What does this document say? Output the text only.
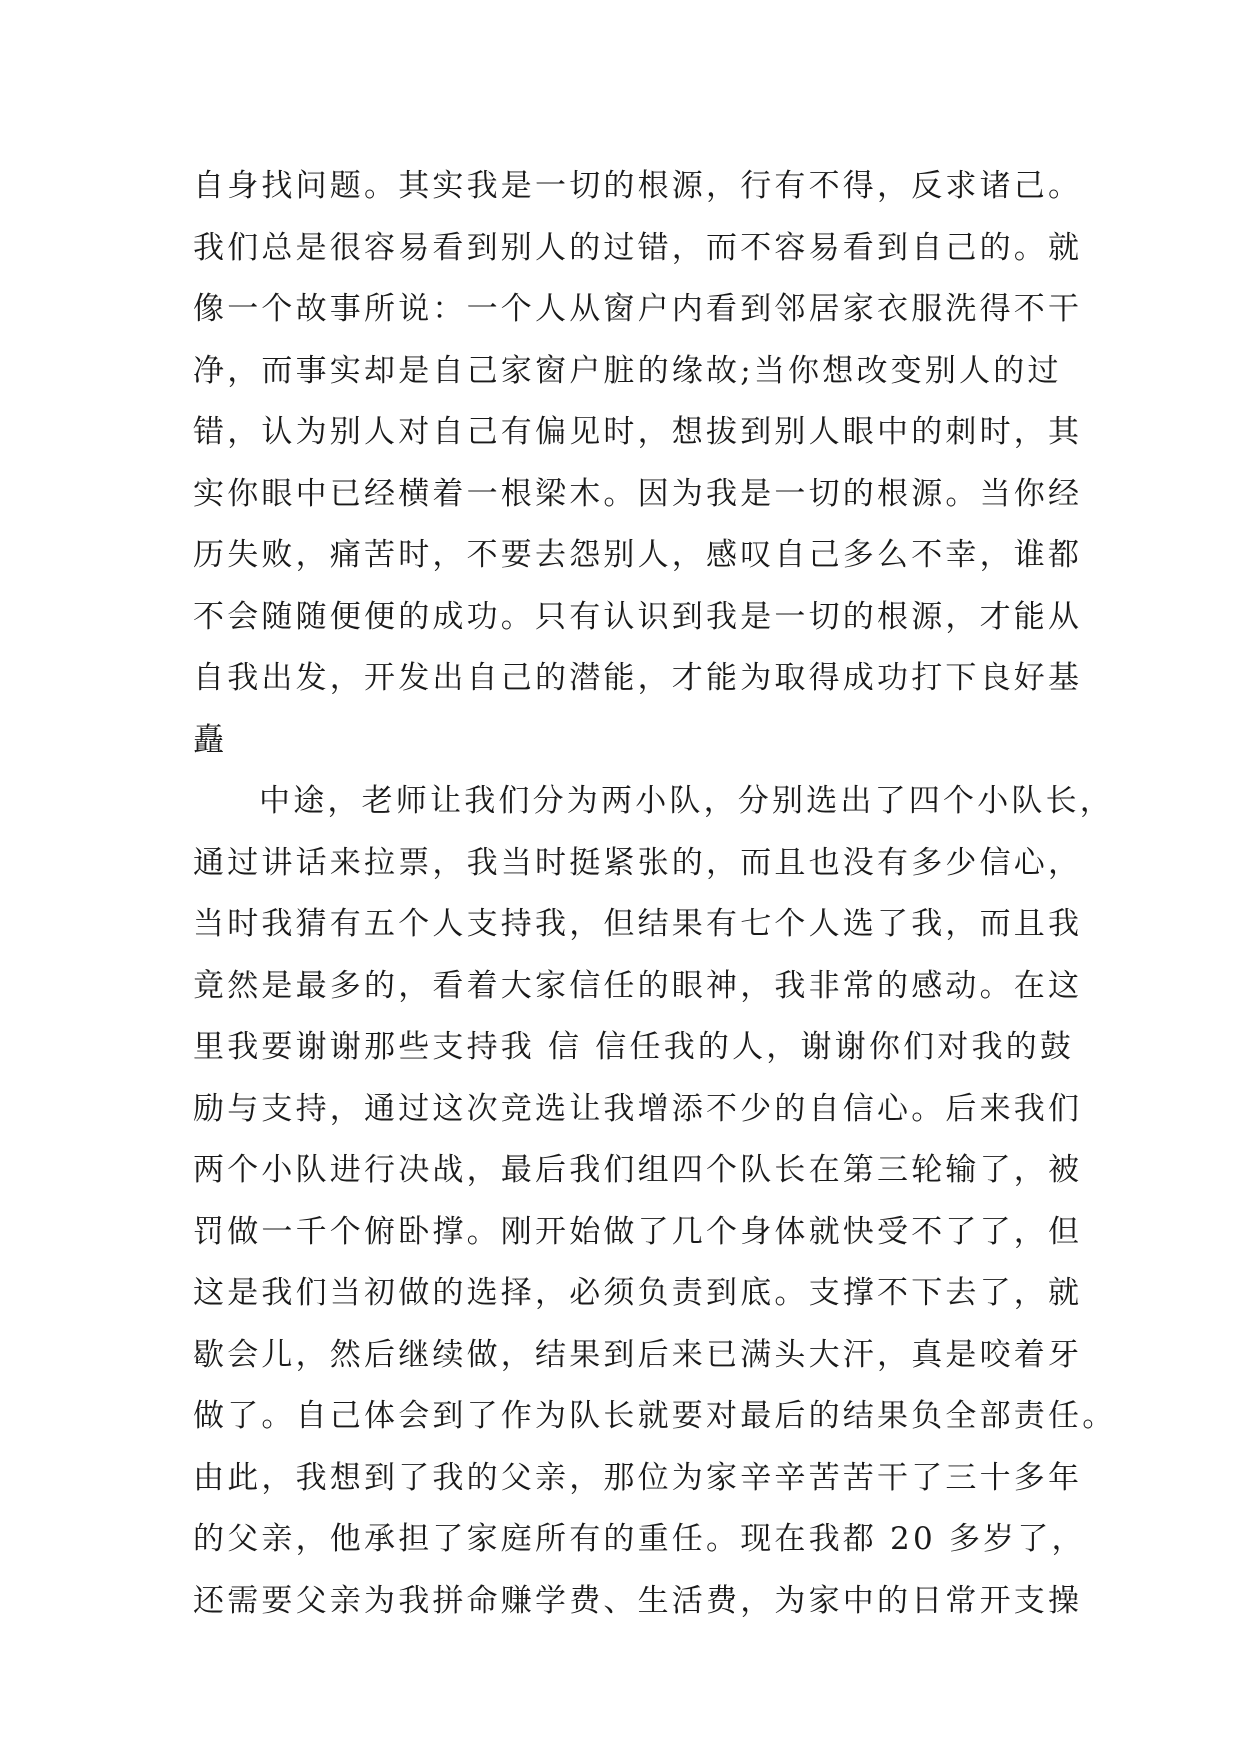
自身找问题。其实我是一切的根源，行有不得，反求诸己。
我们总是很容易看到别人的过错，而不容易看到自己的。就
像一个故事所说：一个人从窗户内看到邻居家衣服洗得不干
净，而事实却是自己家窗户脏的缘故;当你想改变别人的过
错，认为别人对自己有偏见时，想拔到别人眼中的刺时，其
实你眼中已经横着一根梁木。因为我是一切的根源。当你经
历失败，痛苦时，不要去怨别人，感叹自己多么不幸，谁都
不会随随便便的成功。只有认识到我是一切的根源，才能从
自我出发，开发出自己的潜能，才能为取得成功打下良好基
矗
中途，老师让我们分为两小队，分别选出了四个小队长，
通过讲话来拉票，我当时挺紧张的，而且也没有多少信心，
当时我猜有五个人支持我，但结果有七个人选了我，而且我
竟然是最多的，看着大家信任的眼神，我非常的感动。在这
里我要谢谢那些支持我 信 信任我的人，谢谢你们对我的鼓
励与支持，通过这次竞选让我增添不少的自信心。后来我们
两个小队进行决战，最后我们组四个队长在第三轮输了，被
罚做一千个俯卧撑。刚开始做了几个身体就快受不了了，但
这是我们当初做的选择，必须负责到底。支撑不下去了，就
歇会儿，然后继续做，结果到后来已满头大汗，真是咬着牙
做了。自己体会到了作为队长就要对最后的结果负全部责任。
由此，我想到了我的父亲，那位为家辛辛苦苦干了三十多年
的父亲，他承担了家庭所有的重任。现在我都 20 多岁了，
还需要父亲为我拼命赚学费、生活费，为家中的日常开支操
